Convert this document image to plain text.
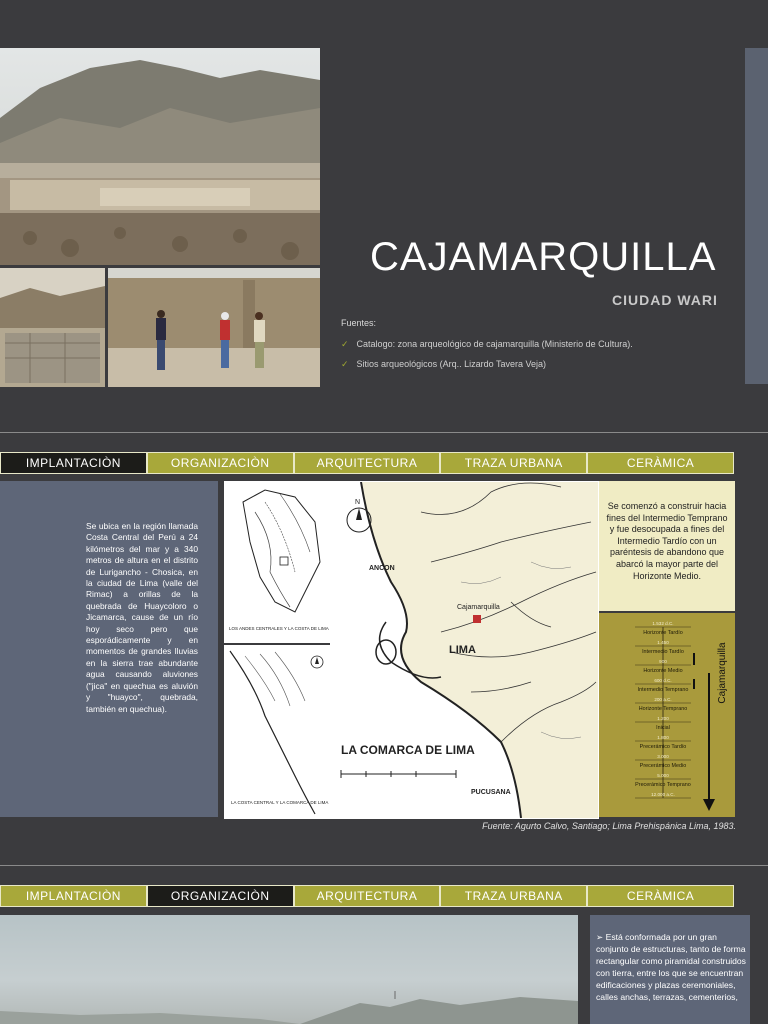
CAJAMARQUILLA
CIUDAD WARI
Fuentes:
✓ Catalogo: zona arqueológico de cajamarquilla (Ministerio de Cultura).
✓ Sitios arqueológicos (Arq.. Lizardo Tavera Veja)
IMPLANTACIÒN	ORGANIZACIÒN	ARQUITECTURA	TRAZA URBANA	CERÀMICA
Se ubica en la región llamada Costa Central del Perú a 24 kilómetros del mar y a 340 metros de altura en el distrito de Lurigancho - Chosica, en la ciudad de Lima (valle del Rimac) a orillas de la quebrada de Huaycoloro o Jicamarca, cause de un río hoy seco pero que esporádicamente y en momentos de grandes lluvias en la sierra trae abundante agua causando aluviones ("jica" en quechua es aluvión y "huayco", quebrada, también en quechua).
LOS ANDES CENTRALES Y LA COSTA DE LIMA
LA COSTA CENTRAL Y LA COMARCA DE LIMA
N
Cajamarquilla
LIMA
ANCON
PUCUSANA
LA COMARCA DE LIMA
Se comenzó a construir hacia fines del Intermedio Temprano y fue desocupada a fines del Intermedio Tardío con un paréntesis de abandono que abarcó la mayor parte del Horizonte Medio.
1.532 d.C.
Horizonte Tardío
1.450
Intermedio Tardío
900
Horizonte Medio
600 d.C.
Intermedio Temprano
200 a.C.
Horizonte Temprano
1.200
Inicial
1.800
Precerámico Tardío
3.000
Precerámico Medio
5.000
Precerámico Temprano
12.000 a.C.
Cajamarquilla
Fuente: Agurto Calvo, Santiago; Lima Prehispánica Lima, 1983.
IMPLANTACIÒN	ORGANIZACIÒN	ARQUITECTURA	TRAZA URBANA	CERÀMICA
➢ Está conformada por un gran conjunto de estructuras, tanto de forma rectangular como piramidal construidos con tierra, entre los que se encuentran edificaciones y plazas ceremoniales, calles anchas, terrazas, cementerios,
